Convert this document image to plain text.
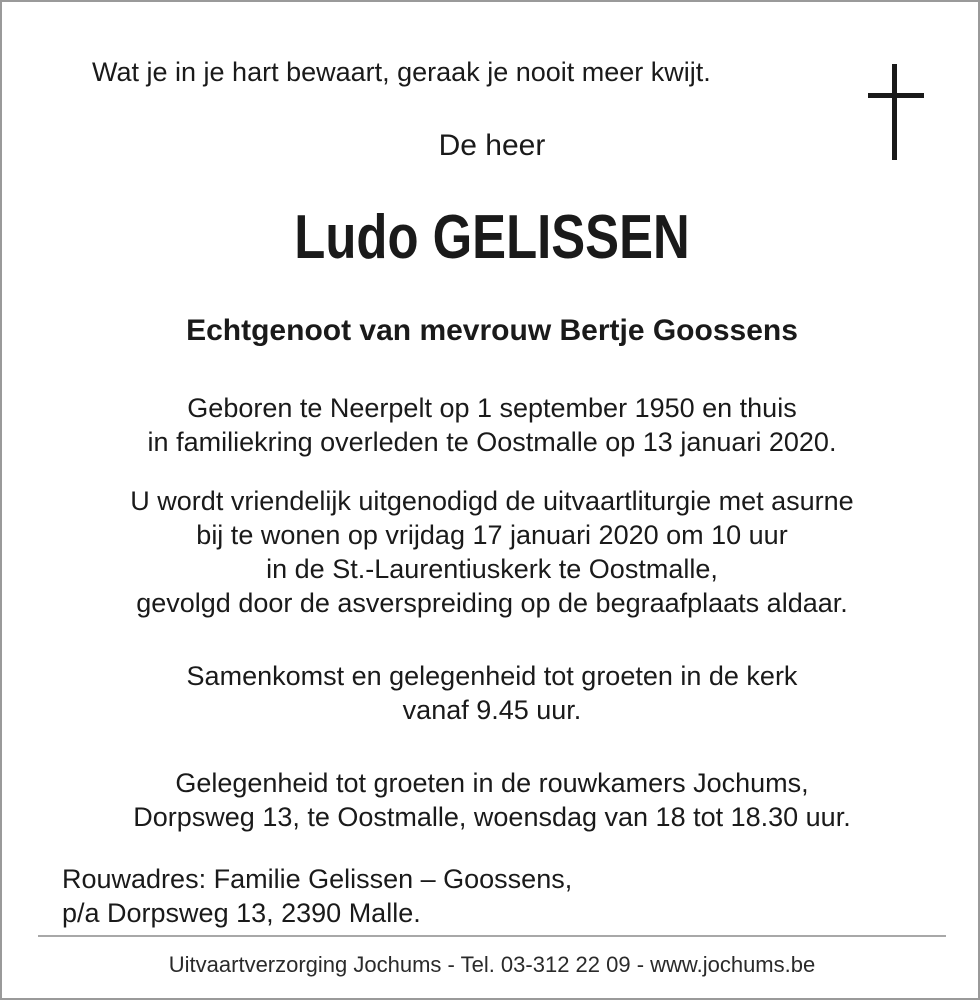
Wat je in je hart bewaart, geraak je nooit meer kwijt.
De heer
Ludo GELISSEN
Echtgenoot van mevrouw Bertje Goossens
Geboren te Neerpelt op 1 september 1950 en thuis
in familiekring overleden te Oostmalle op 13 januari 2020.
U wordt vriendelijk uitgenodigd de uitvaartliturgie met asurne
bij te wonen op vrijdag 17 januari 2020 om 10 uur
in de St.-Laurentiuskerk te Oostmalle,
gevolgd door de asverspreiding op de begraafplaats aldaar.
Samenkomst en gelegenheid tot groeten in de kerk
vanaf 9.45 uur.
Gelegenheid tot groeten in de rouwkamers Jochums,
Dorpsweg 13, te Oostmalle, woensdag van 18 tot 18.30 uur.
Rouwadres: Familie Gelissen – Goossens,
p/a Dorpsweg 13, 2390 Malle.
Uitvaartverzorging Jochums - Tel. 03-312 22 09 - www.jochums.be
